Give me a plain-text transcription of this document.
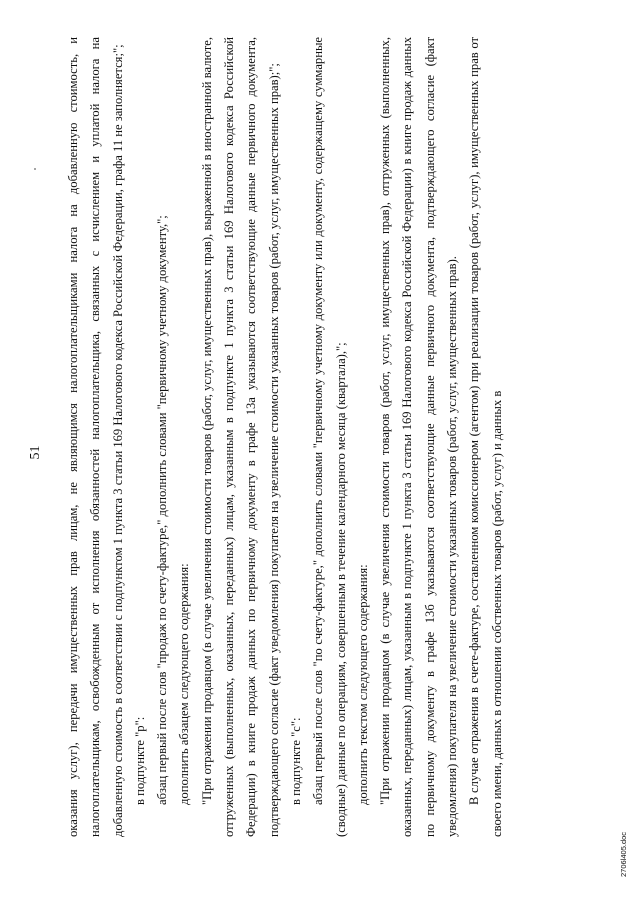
51	оказания услуг), передачи имущественных прав лицам, не являющимся налогоплательщиками налога на добавленную стоимость, и налогоплательщикам, освобожденным от исполнения обязанностей налогоплательщика, связанных с исчислением и уплатой налога на добавленную стоимость в соответствии с подпунктом 1 пункта 3 статьи 169 Налогового кодекса Российской Федерации, графа 11 не заполняется;"; в подпункте "р": абзац первый после слов "продаж по счету-фактуре," дополнить словами "первичному учетному документу,"; дополнить абзацем следующего содержания: "При отражении продавцом (в случае увеличения стоимости товаров (работ, услуг, имущественных прав), выраженной в иностранной валюте, отгруженных (выполненных, оказанных, переданных) лицам, указанным в подпункте 1 пункта 3 статьи 169 Налогового кодекса Российской Федерации) в книге продаж данных по первичному документу в графе 13а указываются соответствующие данные первичного документа, подтверждающего согласие (факт уведомления) покупателя на увеличение стоимости указанных товаров (работ, услуг, имущественных прав);"; в подпункте "с": абзац первый после слов "по счету-фактуре," дополнить словами "первичному учетному документу или документу, содержащему суммарные (сводные) данные по операциям, совершенным в течение календарного месяца (квартала),"; дополнить текстом следующего содержания: "При отражении продавцом (в случае увеличения стоимости товаров (работ, услуг, имущественных прав), отгруженных (выполненных, оказанных, переданных) лицам, указанным в подпункте 1 пункта 3 статьи 169 Налогового кодекса Российской Федерации) в книге продаж данных по первичному документу в графе 13б указываются соответствующие данные первичного документа, подтверждающего согласие (факт уведомления) покупателя на увеличение стоимости указанных товаров (работ, услуг, имущественных прав). В случае отражения в счете-фактуре, составленном комиссионером (агентом) при реализации товаров (работ, услуг), имущественных прав от своего имени, данных в отношении собственных товаров (работ, услуг) и данных в

2706l405.doc
